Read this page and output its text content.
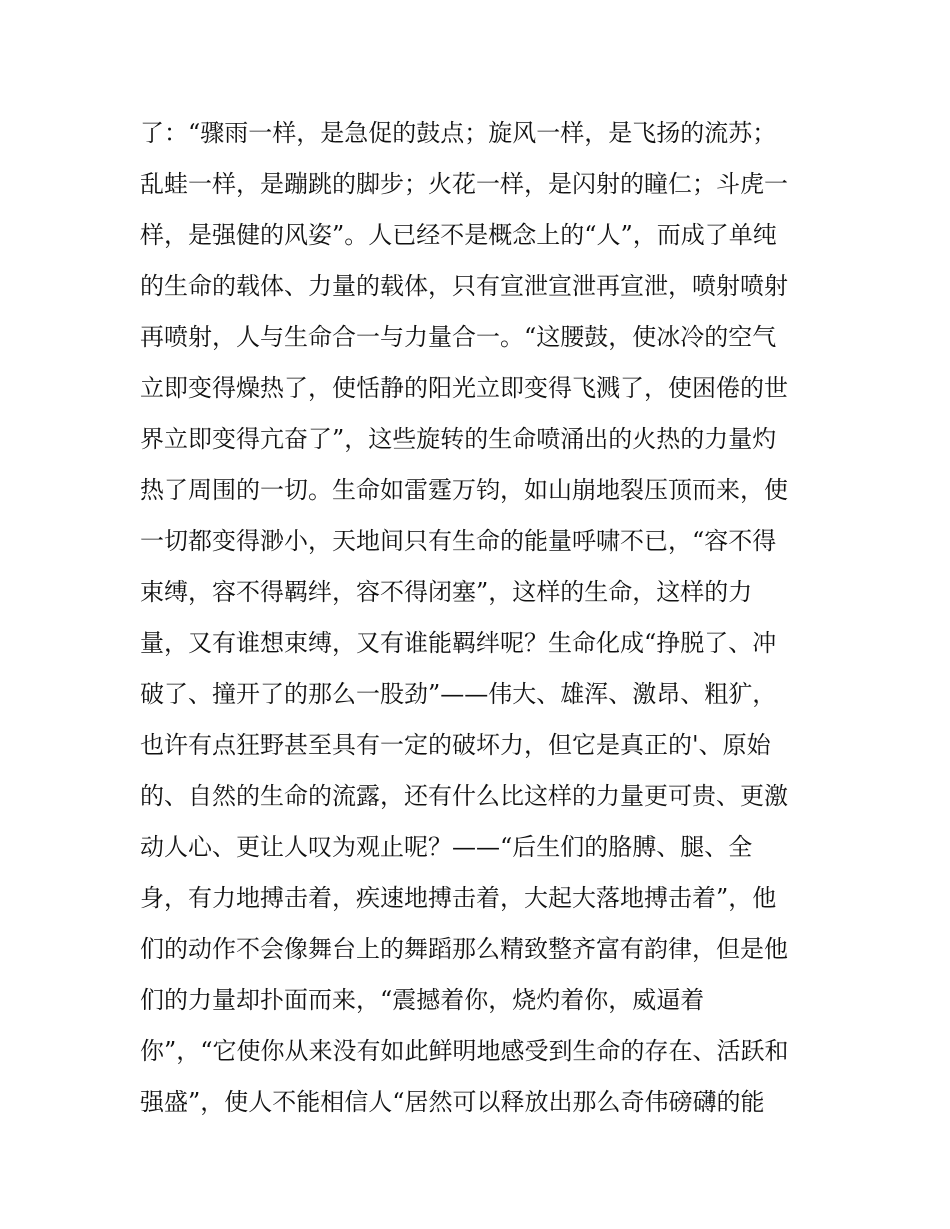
了：“骤雨一样，是急促的鼓点；旋风一样，是飞扬的流苏；
乱蛙一样，是蹦跳的脚步；火花一样，是闪射的瞳仁；斗虎一
样，是强健的风姿”。人已经不是概念上的“人”，而成了单纯
的生命的载体、力量的载体，只有宣泄宣泄再宣泄，喷射喷射
再喷射，人与生命合一与力量合一。“这腰鼓，使冰冷的空气
立即变得燥热了，使恬静的阳光立即变得飞溅了，使困倦的世
界立即变得亢奋了”，这些旋转的生命喷涌出的火热的力量灼
热了周围的一切。生命如雷霆万钧，如山崩地裂压顶而来，使
一切都变得渺小，天地间只有生命的能量呼啸不已，“容不得
束缚，容不得羁绊，容不得闭塞”，这样的生命，这样的力
量，又有谁想束缚，又有谁能羁绊呢？生命化成“挣脱了、冲
破了、撞开了的那么一股劲”——伟大、雄浑、激昂、粗犷，
也许有点狂野甚至具有一定的破坏力，但它是真正的'、原始
的、自然的生命的流露，还有什么比这样的力量更可贵、更激
动人心、更让人叹为观止呢？——“后生们的胳膊、腿、全
身，有力地搏击着，疾速地搏击着，大起大落地搏击着”，他
们的动作不会像舞台上的舞蹈那么精致整齐富有韵律，但是他
们的力量却扑面而来，“震撼着你，烧灼着你，威逼着
你”，“它使你从来没有如此鲜明地感受到生命的存在、活跃和
强盛”，使人不能相信人“居然可以释放出那么奇伟磅礴的能
